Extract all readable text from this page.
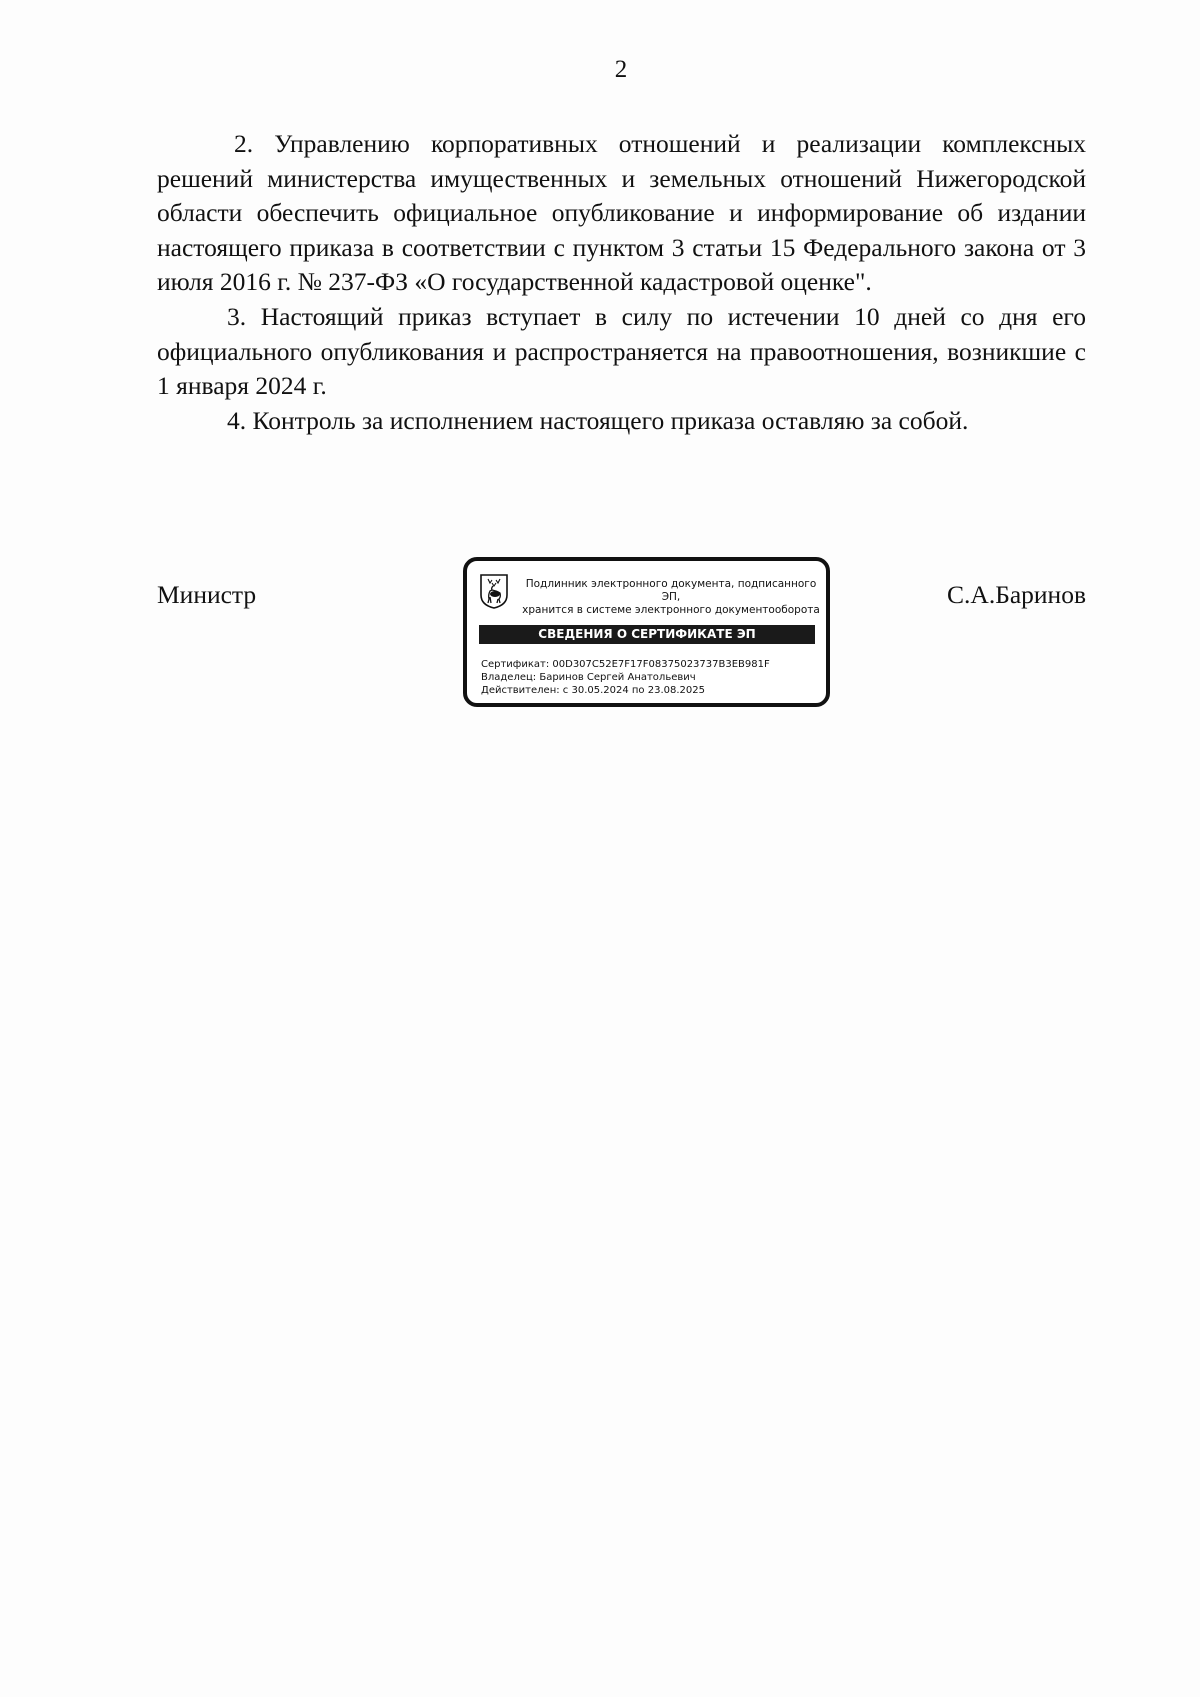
2

2. Управлению корпоративных отношений и реализации комплексных решений министерства имущественных и земельных отношений Нижегородской области обеспечить официальное опубликование и информирование об издании настоящего приказа в соответствии с пунктом 3 статьи 15 Федерального закона от 3 июля 2016 г. № 237-ФЗ «О государственной кадастровой оценке".

3. Настоящий приказ вступает в силу по истечении 10 дней со дня его официального опубликования и распространяется на правоотношения, возникшие с 1 января 2024 г.

4. Контроль за исполнением настоящего приказа оставляю за собой.

Министр	С.А.Баринов
Подлинник электронного документа, подписанного ЭП,
хранится в системе электронного документооборота
СВЕДЕНИЯ О СЕРТИФИКАТЕ ЭП
Сертификат: 00D307C52E7F17F08375023737B3EB981F
Владелец: Баринов Сергей Анатольевич
Действителен: с 30.05.2024 по 23.08.2025
